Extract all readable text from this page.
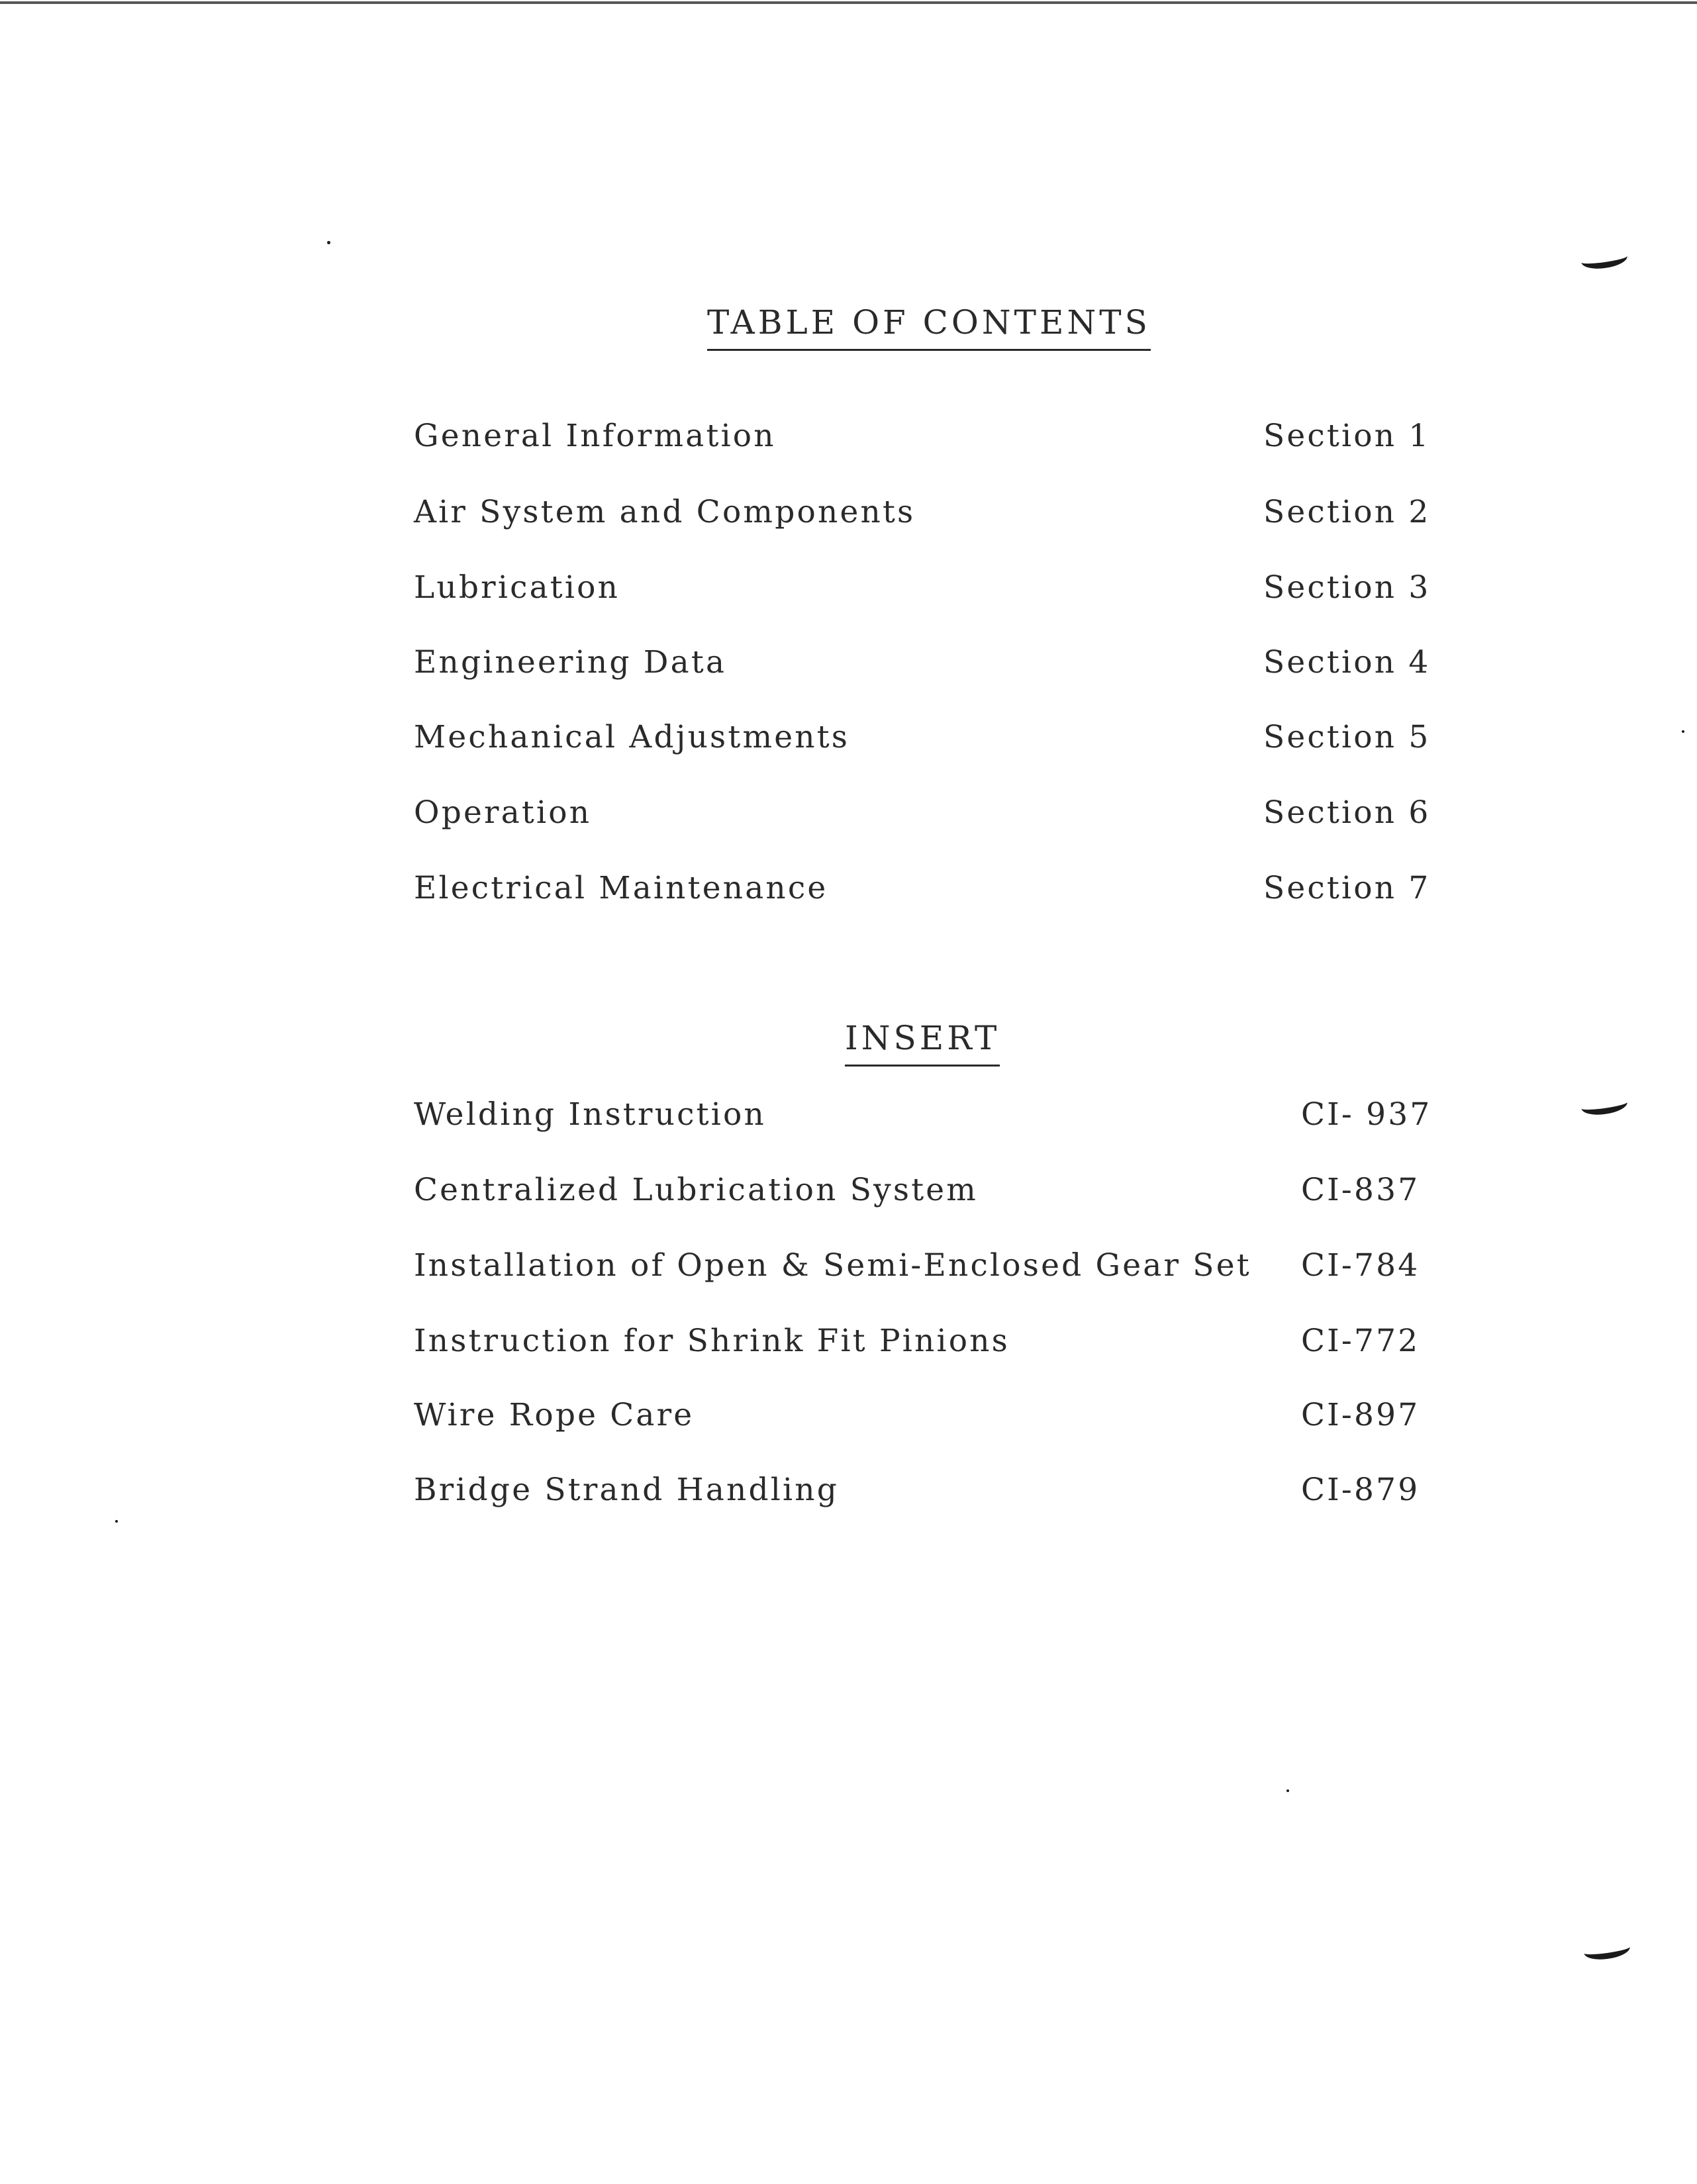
TABLE OF CONTENTS
General Information	Section 1
Air System and Components	Section 2
Lubrication	Section 3
Engineering Data	Section 4
Mechanical Adjustments	Section 5
Operation	Section 6
Electrical Maintenance	Section 7
INSERT
Welding Instruction	CI- 937
Centralized Lubrication System	CI-837
Installation of Open & Semi-Enclosed Gear Set CI-784
Instruction for Shrink Fit Pinions	CI-772
Wire Rope Care	CI-897
Bridge Strand Handling	CI-879
